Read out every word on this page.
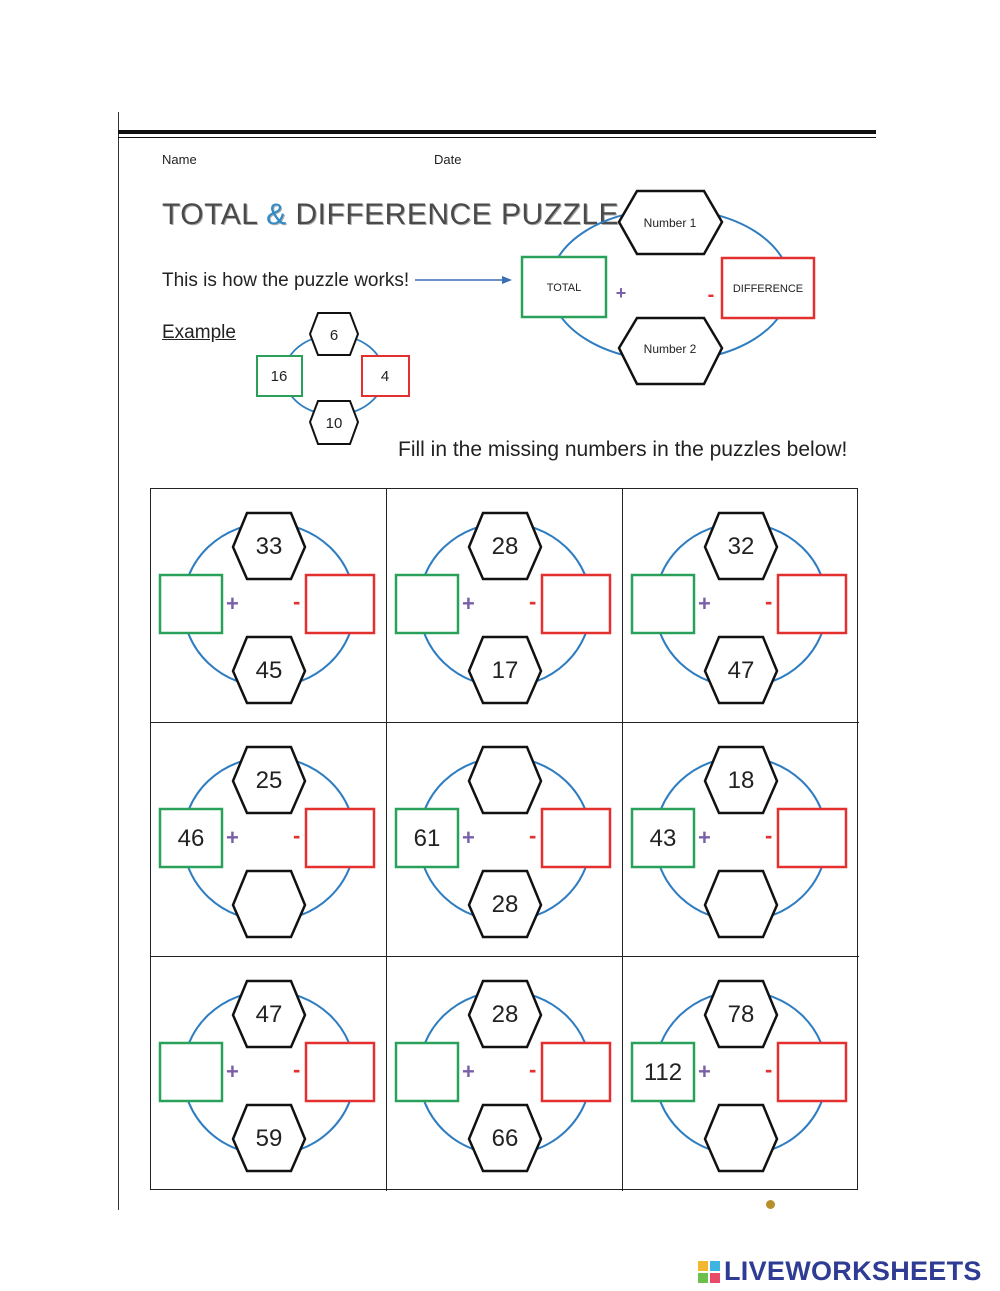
Name	Date
TOTAL & DIFFERENCE PUZZLE
This is how the puzzle works!
Example
Number 1
Number 2
TOTAL	DIFFERENCE
+	-
6
10
16	4
Fill in the missing numbers in the puzzles below!
33
45
+ -
28
17
+ -
32
47
+ -
25
46 + -
28
61 + -
18
43 + -
47
59
+ -
28
66
+ -
78
112 + -
LIVEWORKSHEETS
